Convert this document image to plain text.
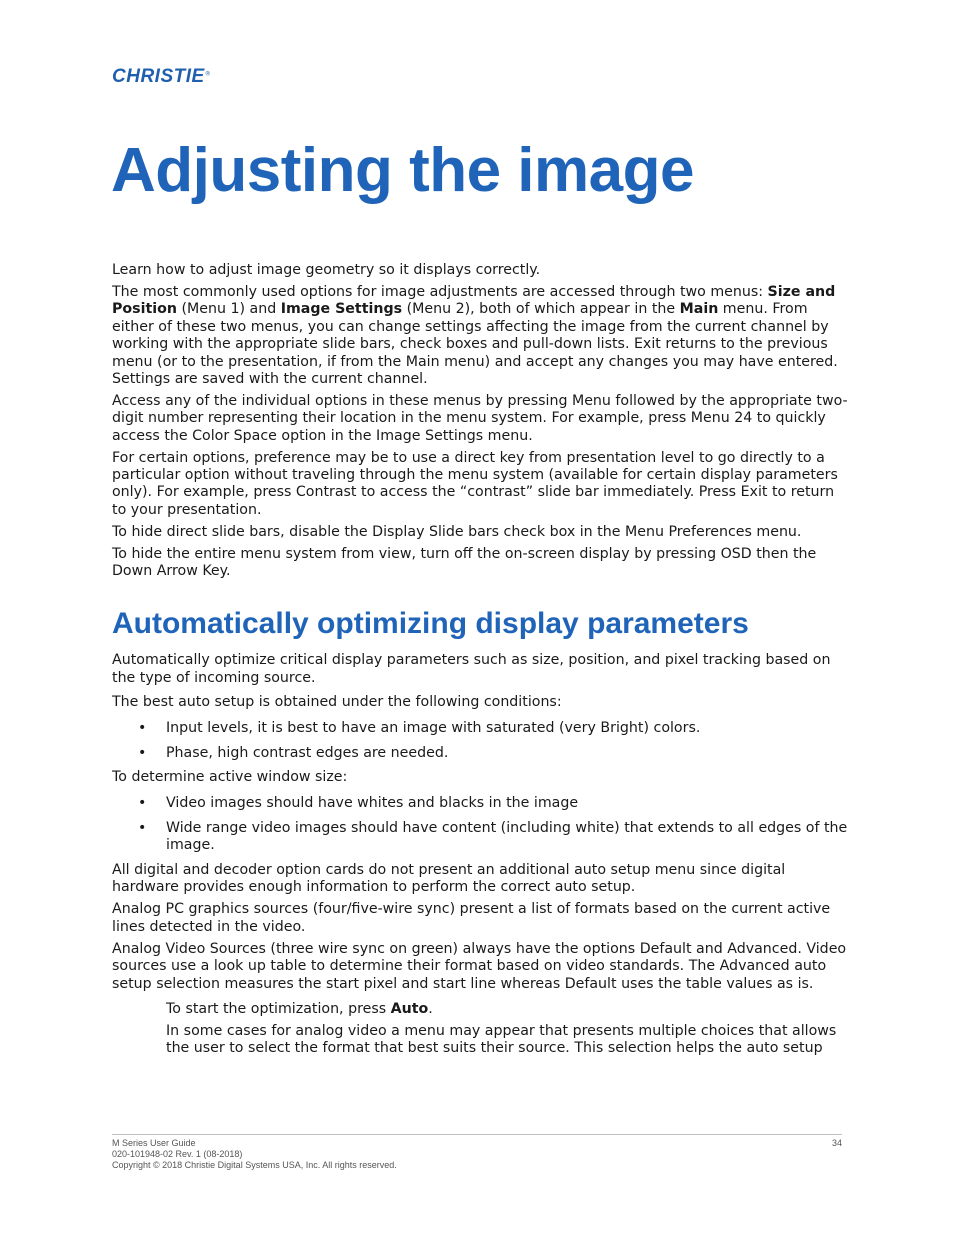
CHRISTIE®
Adjusting the image

Learn how to adjust image geometry so it displays correctly.

The most commonly used options for image adjustments are accessed through two menus: Size and Position (Menu 1) and Image Settings (Menu 2), both of which appear in the Main menu. From either of these two menus, you can change settings affecting the image from the current channel by working with the appropriate slide bars, check boxes and pull-down lists. Exit returns to the previous menu (or to the presentation, if from the Main menu) and accept any changes you may have entered. Settings are saved with the current channel.

Access any of the individual options in these menus by pressing Menu followed by the appropriate two-digit number representing their location in the menu system. For example, press Menu 24 to quickly access the Color Space option in the Image Settings menu.

For certain options, preference may be to use a direct key from presentation level to go directly to a particular option without traveling through the menu system (available for certain display parameters only). For example, press Contrast to access the “contrast” slide bar immediately. Press Exit to return to your presentation.

To hide direct slide bars, disable the Display Slide bars check box in the Menu Preferences menu.

To hide the entire menu system from view, turn off the on-screen display by pressing OSD then the Down Arrow Key.

Automatically optimizing display parameters

Automatically optimize critical display parameters such as size, position, and pixel tracking based on the type of incoming source.

The best auto setup is obtained under the following conditions:

• Input levels, it is best to have an image with saturated (very Bright) colors.
• Phase, high contrast edges are needed.

To determine active window size:

• Video images should have whites and blacks in the image
• Wide range video images should have content (including white) that extends to all edges of the image.

All digital and decoder option cards do not present an additional auto setup menu since digital hardware provides enough information to perform the correct auto setup.

Analog PC graphics sources (four/five-wire sync) present a list of formats based on the current active lines detected in the video.

Analog Video Sources (three wire sync on green) always have the options Default and Advanced. Video sources use a look up table to determine their format based on video standards. The Advanced auto setup selection measures the start pixel and start line whereas Default uses the table values as is.

To start the optimization, press Auto.

In some cases for analog video a menu may appear that presents multiple choices that allows the user to select the format that best suits their source. This selection helps the auto setup

M Series User Guide
020-101948-02 Rev. 1 (08-2018)
Copyright © 2018 Christie Digital Systems USA, Inc. All rights reserved.
34
